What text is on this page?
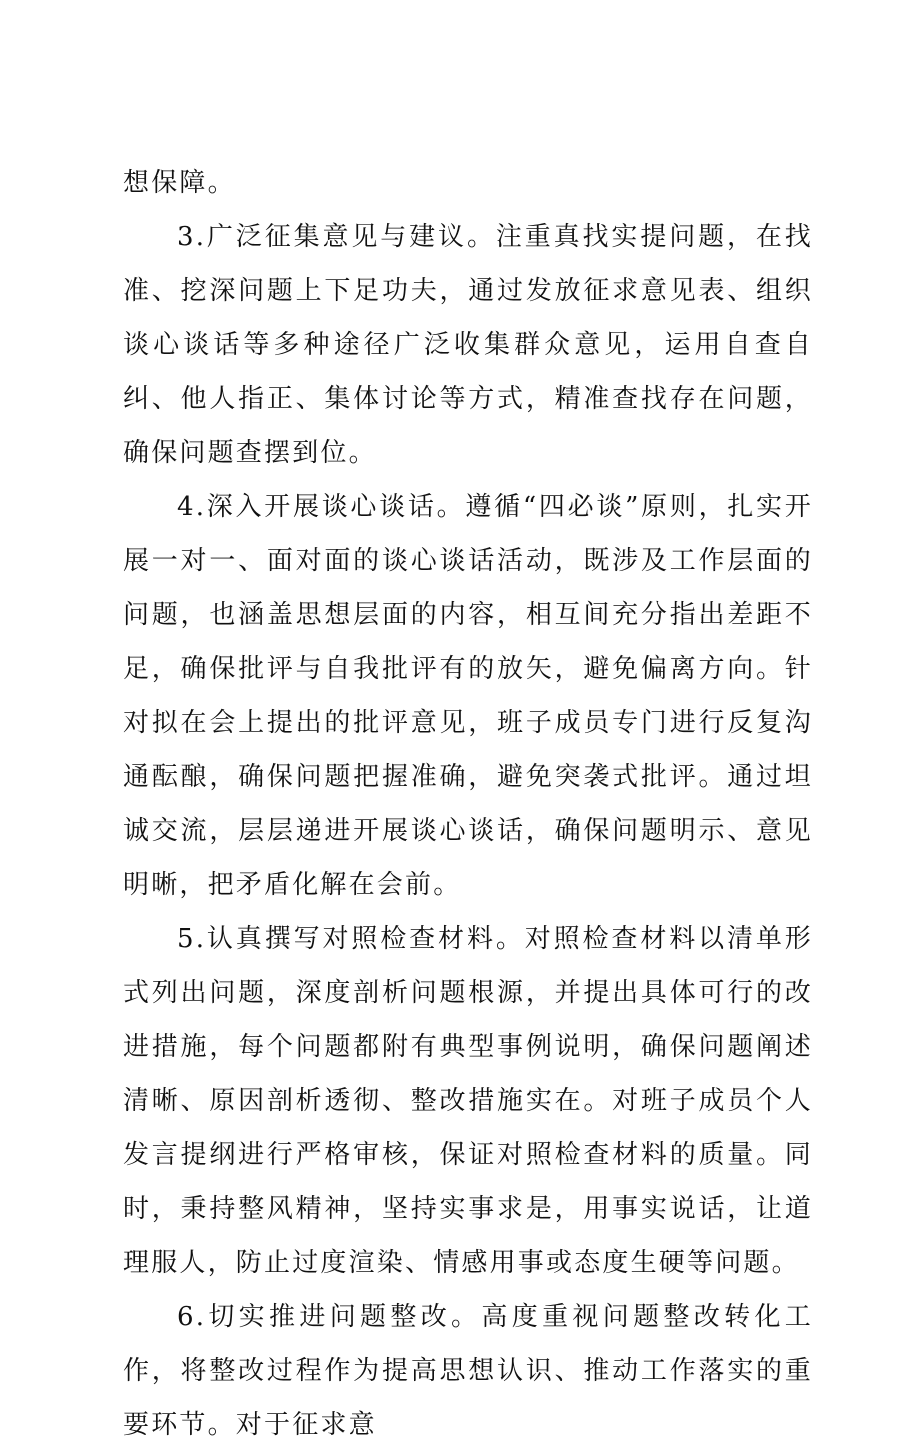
想保障。

3.广泛征集意见与建议。注重真找实提问题，在找准、挖深问题上下足功夫，通过发放征求意见表、组织谈心谈话等多种途径广泛收集群众意见，运用自查自纠、他人指正、集体讨论等方式，精准查找存在问题，确保问题查摆到位。

4.深入开展谈心谈话。遵循“四必谈”原则，扎实开展一对一、面对面的谈心谈话活动，既涉及工作层面的问题，也涵盖思想层面的内容，相互间充分指出差距不足，确保批评与自我批评有的放矢，避免偏离方向。针对拟在会上提出的批评意见，班子成员专门进行反复沟通酝酿，确保问题把握准确，避免突袭式批评。通过坦诚交流，层层递进开展谈心谈话，确保问题明示、意见明晰，把矛盾化解在会前。

5.认真撰写对照检查材料。对照检查材料以清单形式列出问题，深度剖析问题根源，并提出具体可行的改进措施，每个问题都附有典型事例说明，确保问题阐述清晰、原因剖析透彻、整改措施实在。对班子成员个人发言提纲进行严格审核，保证对照检查材料的质量。同时，秉持整风精神，坚持实事求是，用事实说话，让道理服人，防止过度渲染、情感用事或态度生硬等问题。

6.切实推进问题整改。高度重视问题整改转化工作，将整改过程作为提高思想认识、推动工作落实的重要环节。对于征求意
